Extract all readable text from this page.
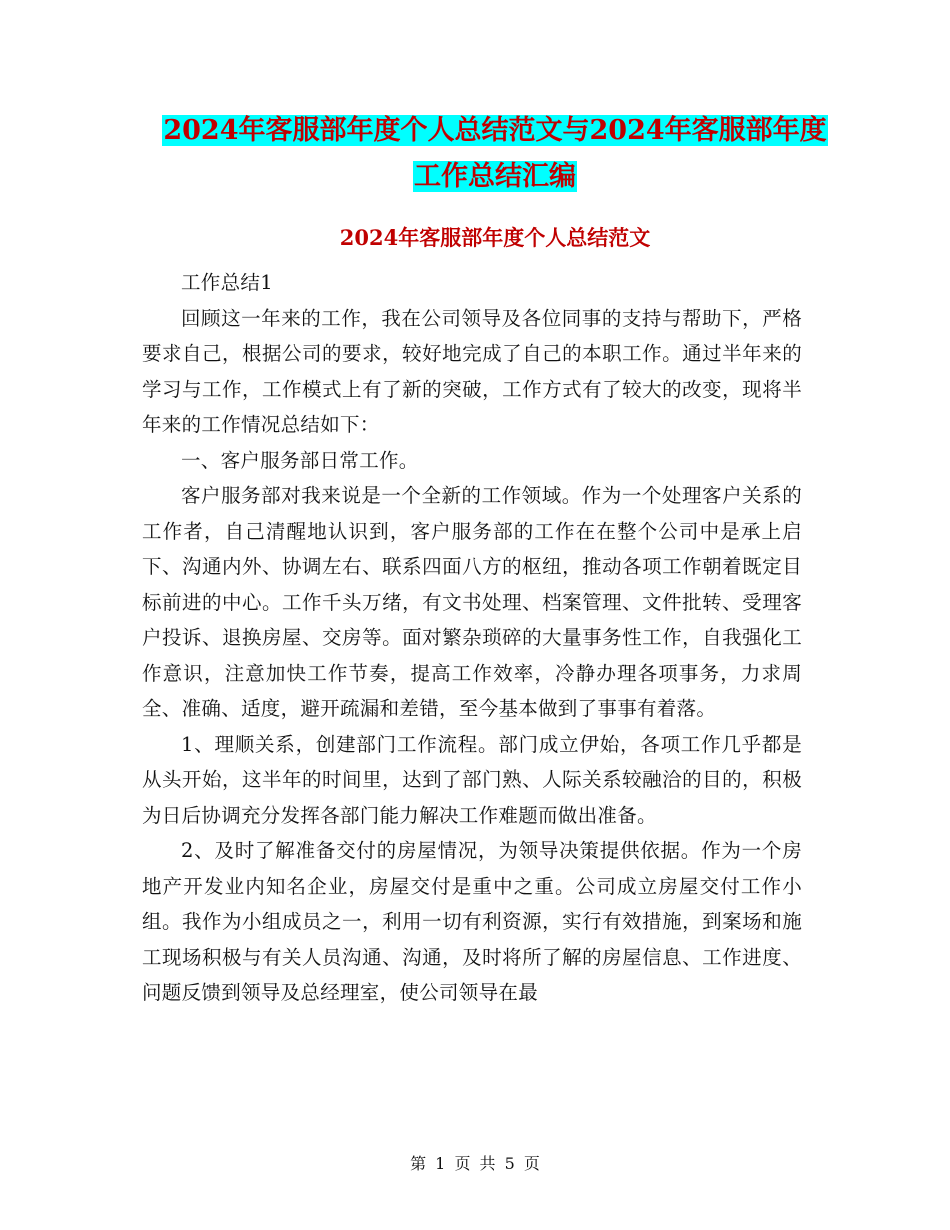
2024年客服部年度个人总结范文与2024年客服部年度
工作总结汇编
2024年客服部年度个人总结范文

工作总结1

回顾这一年来的工作，我在公司领导及各位同事的支持与帮助下，严格要求自己，根据公司的要求，较好地完成了自己的本职工作。通过半年来的学习与工作，工作模式上有了新的突破，工作方式有了较大的改变，现将半年来的工作情况总结如下：

一、客户服务部日常工作。

客户服务部对我来说是一个全新的工作领域。作为一个处理客户关系的工作者，自己清醒地认识到，客户服务部的工作在在整个公司中是承上启下、沟通内外、协调左右、联系四面八方的枢纽，推动各项工作朝着既定目标前进的中心。工作千头万绪，有文书处理、档案管理、文件批转、受理客户投诉、退换房屋、交房等。面对繁杂琐碎的大量事务性工作，自我强化工作意识，注意加快工作节奏，提高工作效率，冷静办理各项事务，力求周全、准确、适度，避开疏漏和差错，至今基本做到了事事有着落。

1、理顺关系，创建部门工作流程。部门成立伊始，各项工作几乎都是从头开始，这半年的时间里，达到了部门熟、人际关系较融洽的目的，积极为日后协调充分发挥各部门能力解决工作难题而做出准备。

2、及时了解准备交付的房屋情况，为领导决策提供依据。作为一个房地产开发业内知名企业，房屋交付是重中之重。公司成立房屋交付工作小组。我作为小组成员之一，利用一切有利资源，实行有效措施，到案场和施工现场积极与有关人员沟通、沟通，及时将所了解的房屋信息、工作进度、问题反馈到领导及总经理室，使公司领导在最

第 1 页 共 5 页
